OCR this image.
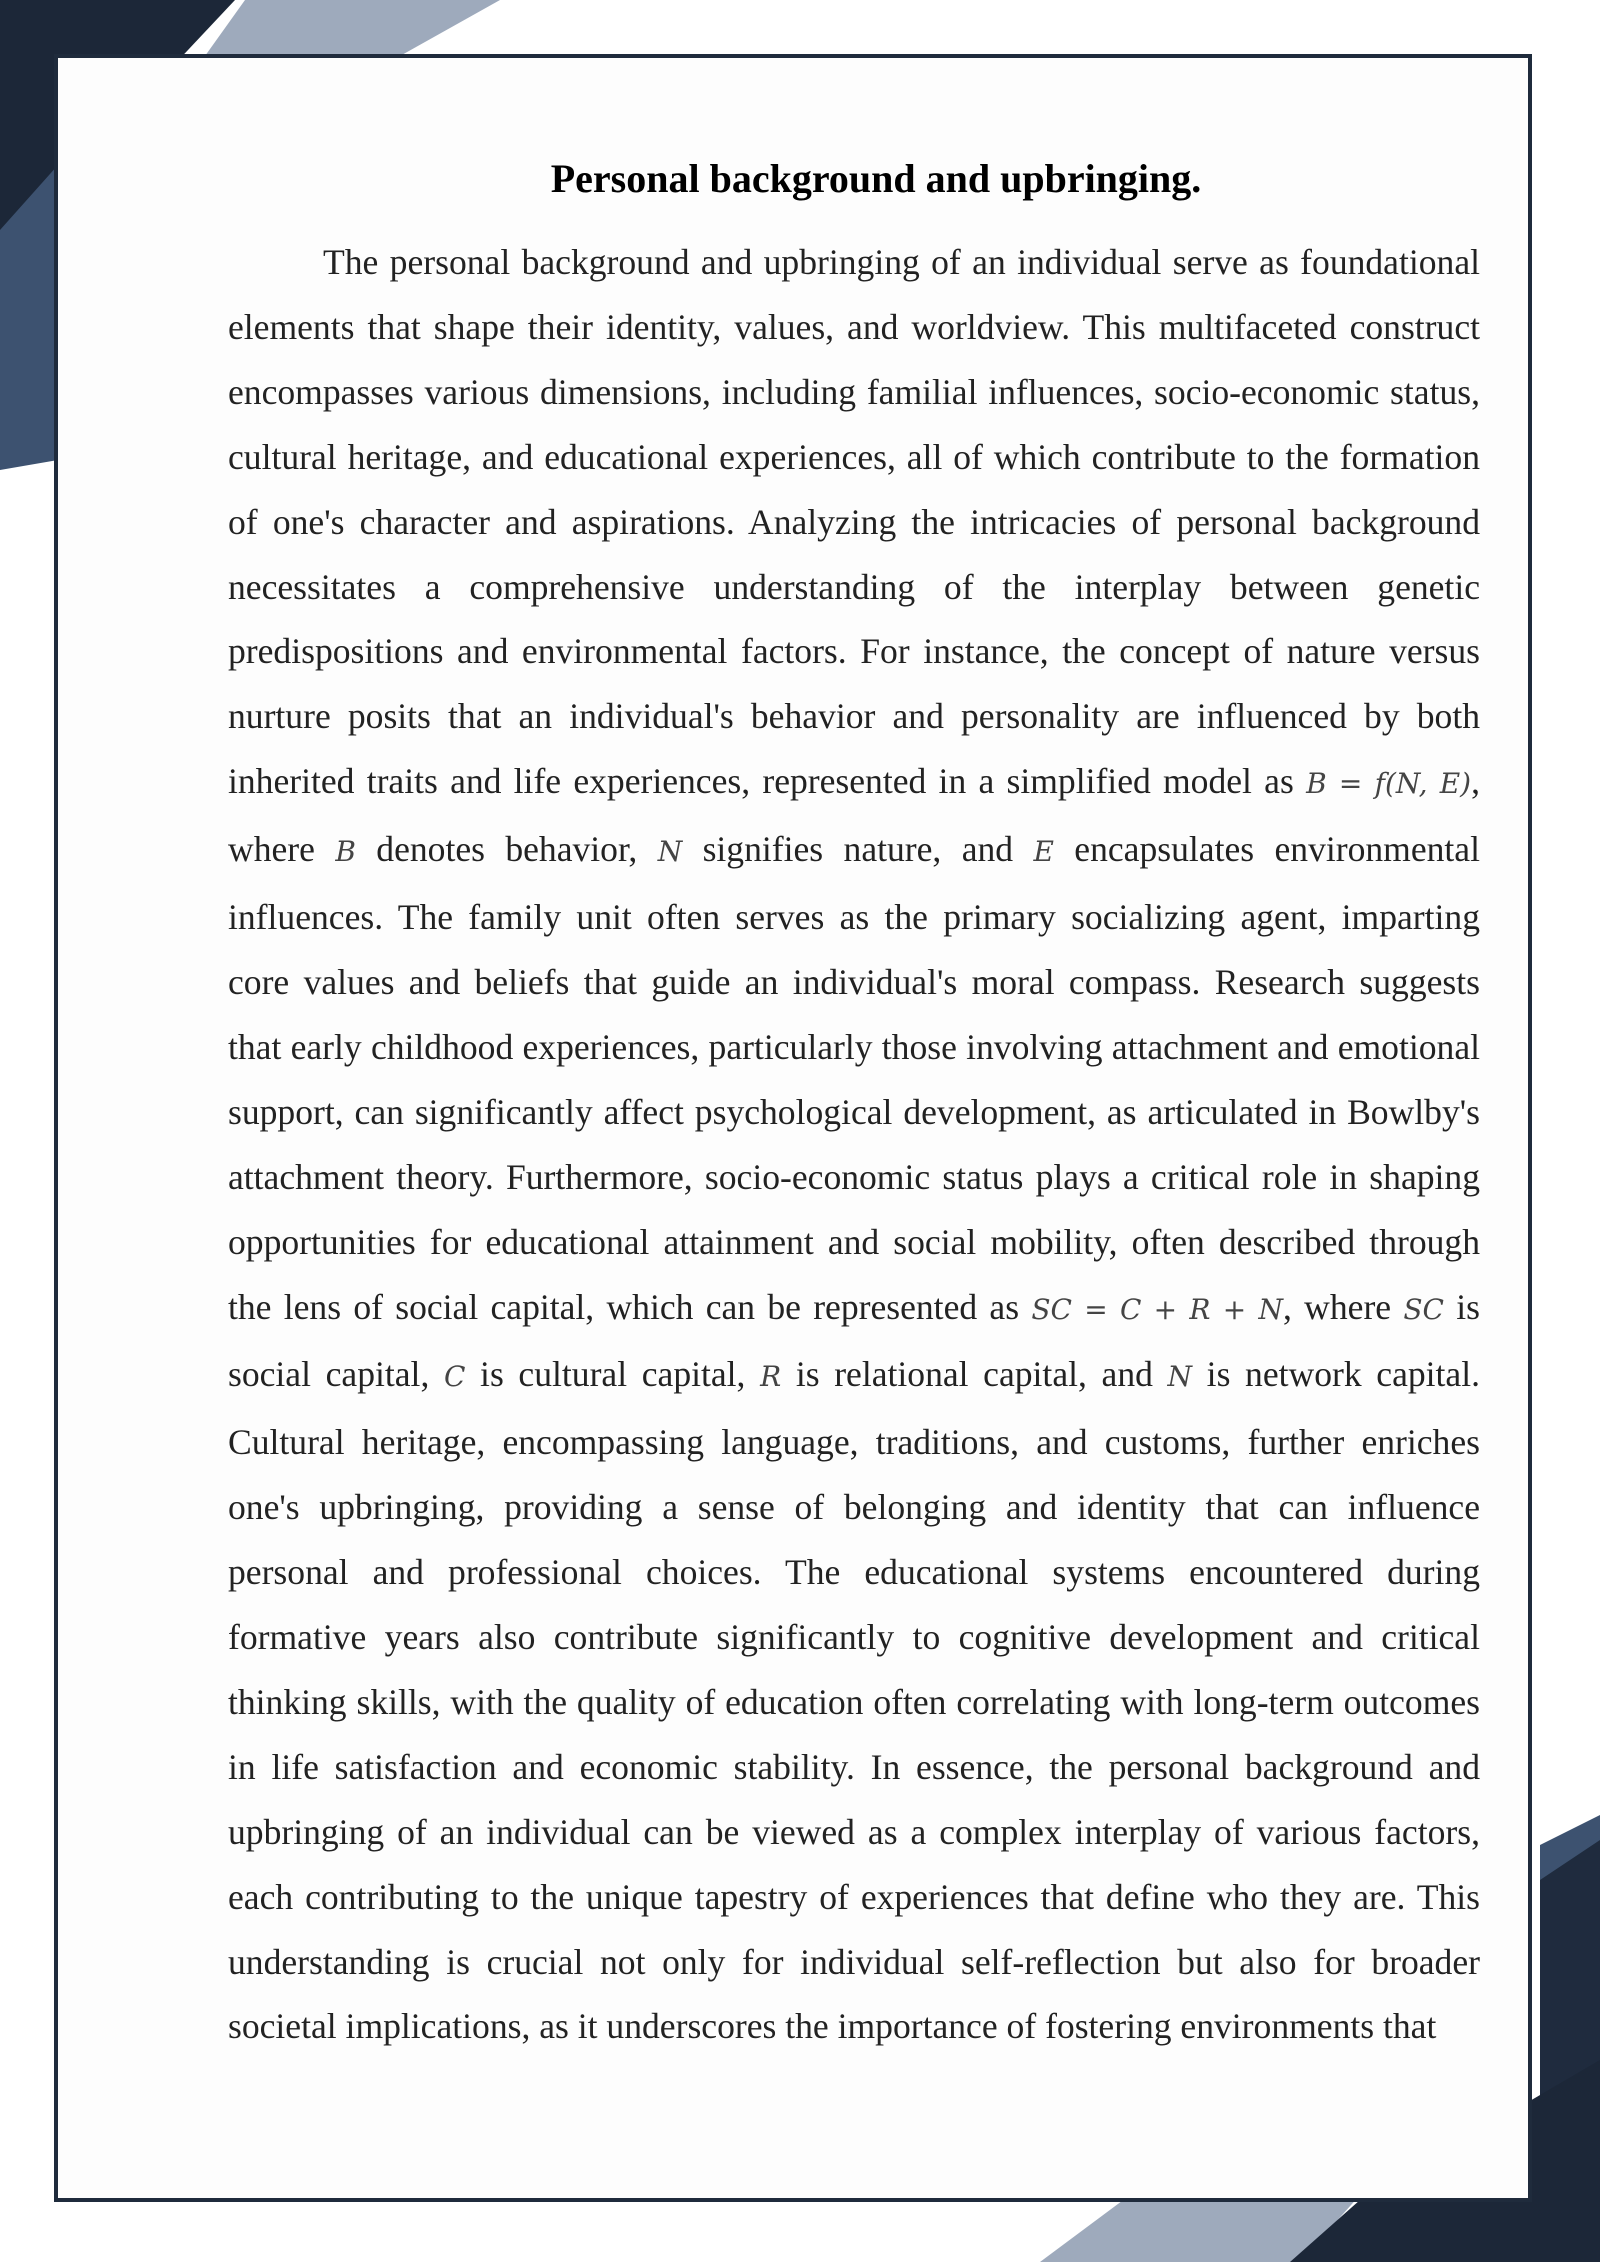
Personal background and upbringing.

The personal background and upbringing of an individual serve as foundational elements that shape their identity, values, and worldview. This multifaceted construct encompasses various dimensions, including familial influences, socio-economic status, cultural heritage, and educational experiences, all of which contribute to the formation of one's character and aspirations. Analyzing the intricacies of personal background necessitates a comprehensive understanding of the interplay between genetic predispositions and environmental factors. For instance, the concept of nature versus nurture posits that an individual's behavior and personality are influenced by both inherited traits and life experiences, represented in a simplified model as B = f(N, E), where B denotes behavior, N signifies nature, and E encapsulates environmental influences. The family unit often serves as the primary socializing agent, imparting core values and beliefs that guide an individual's moral compass. Research suggests that early childhood experiences, particularly those involving attachment and emotional support, can significantly affect psychological development, as articulated in Bowlby's attachment theory. Furthermore, socio-economic status plays a critical role in shaping opportunities for educational attainment and social mobility, often described through the lens of social capital, which can be represented as SC = C + R + N, where SC is social capital, C is cultural capital, R is relational capital, and N is network capital. Cultural heritage, encompassing language, traditions, and customs, further enriches one's upbringing, providing a sense of belonging and identity that can influence personal and professional choices. The educational systems encountered during formative years also contribute significantly to cognitive development and critical thinking skills, with the quality of education often correlating with long-term outcomes in life satisfaction and economic stability. In essence, the personal background and upbringing of an individual can be viewed as a complex interplay of various factors, each contributing to the unique tapestry of experiences that define who they are. This understanding is crucial not only for individual self-reflection but also for broader societal implications, as it underscores the importance of fostering environments that
